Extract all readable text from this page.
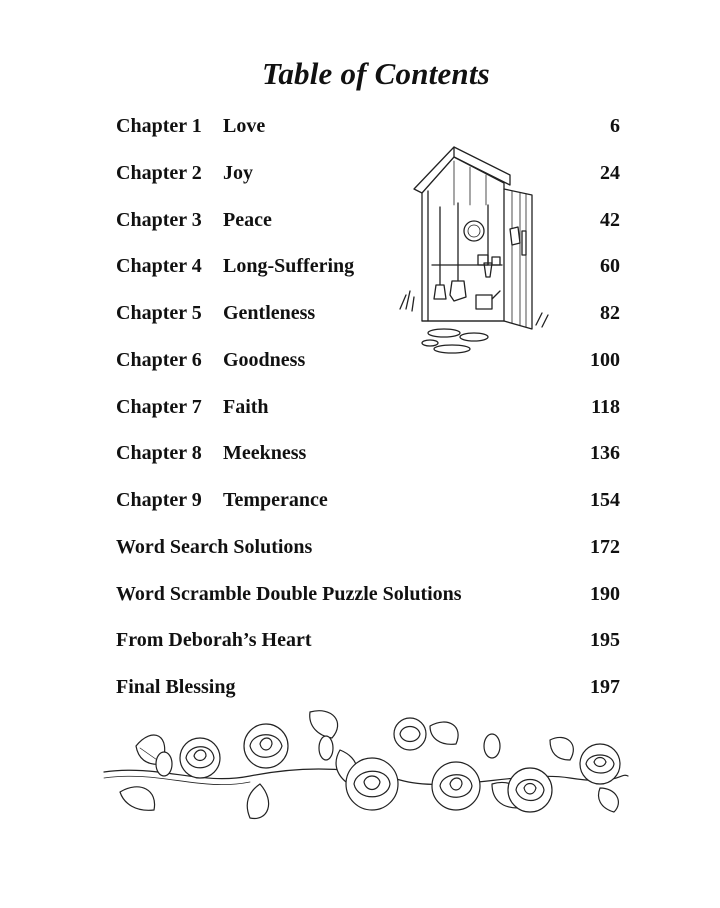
Table of Contents
Chapter 1 Love	6
Chapter 2 Joy	24
Chapter 3 Peace	42
Chapter 4 Long-Suffering	60
Chapter 5 Gentleness	82
Chapter 6 Goodness	100
Chapter 7 Faith	118
Chapter 8 Meekness	136
Chapter 9 Temperance	154
Word Search Solutions	172
Word Scramble Double Puzzle Solutions	190
From Deborah’s Heart	195
Final Blessing	197
